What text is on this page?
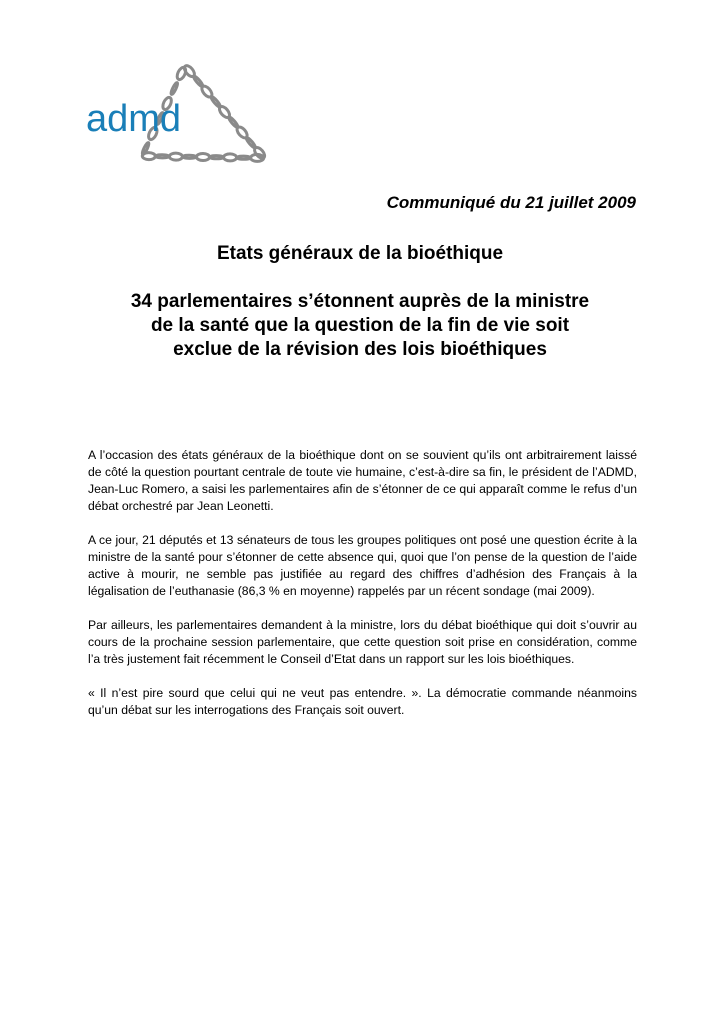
admd
Communiqué du 21 juillet 2009
Etats généraux de la bioéthique
34 parlementaires s’étonnent auprès de la ministre
de la santé que la question de la fin de vie soit
exclue de la révision des lois bioéthiques

A l’occasion des états généraux de la bioéthique dont on se souvient qu’ils ont arbitrairement laissé de côté la question pourtant centrale de toute vie humaine, c’est-à-dire sa fin, le président de l’ADMD, Jean-Luc Romero, a saisi les parlementaires afin de s’étonner de ce qui apparaît comme le refus d’un débat orchestré par Jean Leonetti.

A ce jour, 21 députés et 13 sénateurs de tous les groupes politiques ont posé une question écrite à la ministre de la santé pour s’étonner de cette absence qui, quoi que l’on pense de la question de l’aide active à mourir, ne semble pas justifiée au regard des chiffres d’adhésion des Français à la légalisation de l’euthanasie (86,3 % en moyenne) rappelés par un récent sondage (mai 2009).

Par ailleurs, les parlementaires demandent à la ministre, lors du débat bioéthique qui doit s’ouvrir au cours de la prochaine session parlementaire, que cette question soit prise en considération, comme l’a très justement fait récemment le Conseil d’Etat dans un rapport sur les lois bioéthiques.

« Il n’est pire sourd que celui qui ne veut pas entendre. ». La démocratie commande néanmoins qu’un débat sur les interrogations des Français soit ouvert.
